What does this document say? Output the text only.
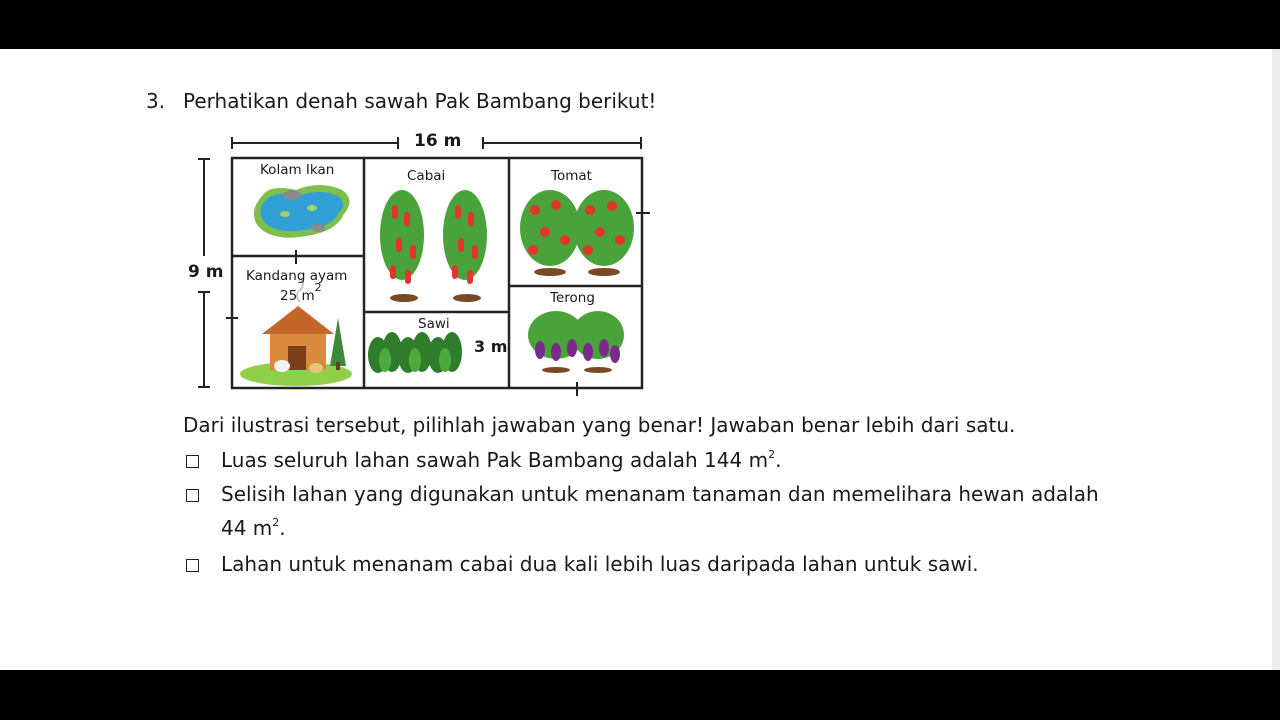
3. Perhatikan denah sawah Pak Bambang berikut!
16 m
9 m
3 m
Kolam Ikan
Kandang ayam
25 $m^2$
Cabai	Tomat
Sawi
Terong
Dari ilustrasi tersebut, pilihlah jawaban yang benar! Jawaban benar lebih dari satu.
Luas seluruh lahan sawah Pak Bambang adalah 144 $m^2$.
Selisih lahan yang digunakan untuk menanam tanaman dan memelihara hewan adalah
44 $m^2$.
Lahan untuk menanam cabai dua kali lebih luas daripada lahan untuk sawi.
